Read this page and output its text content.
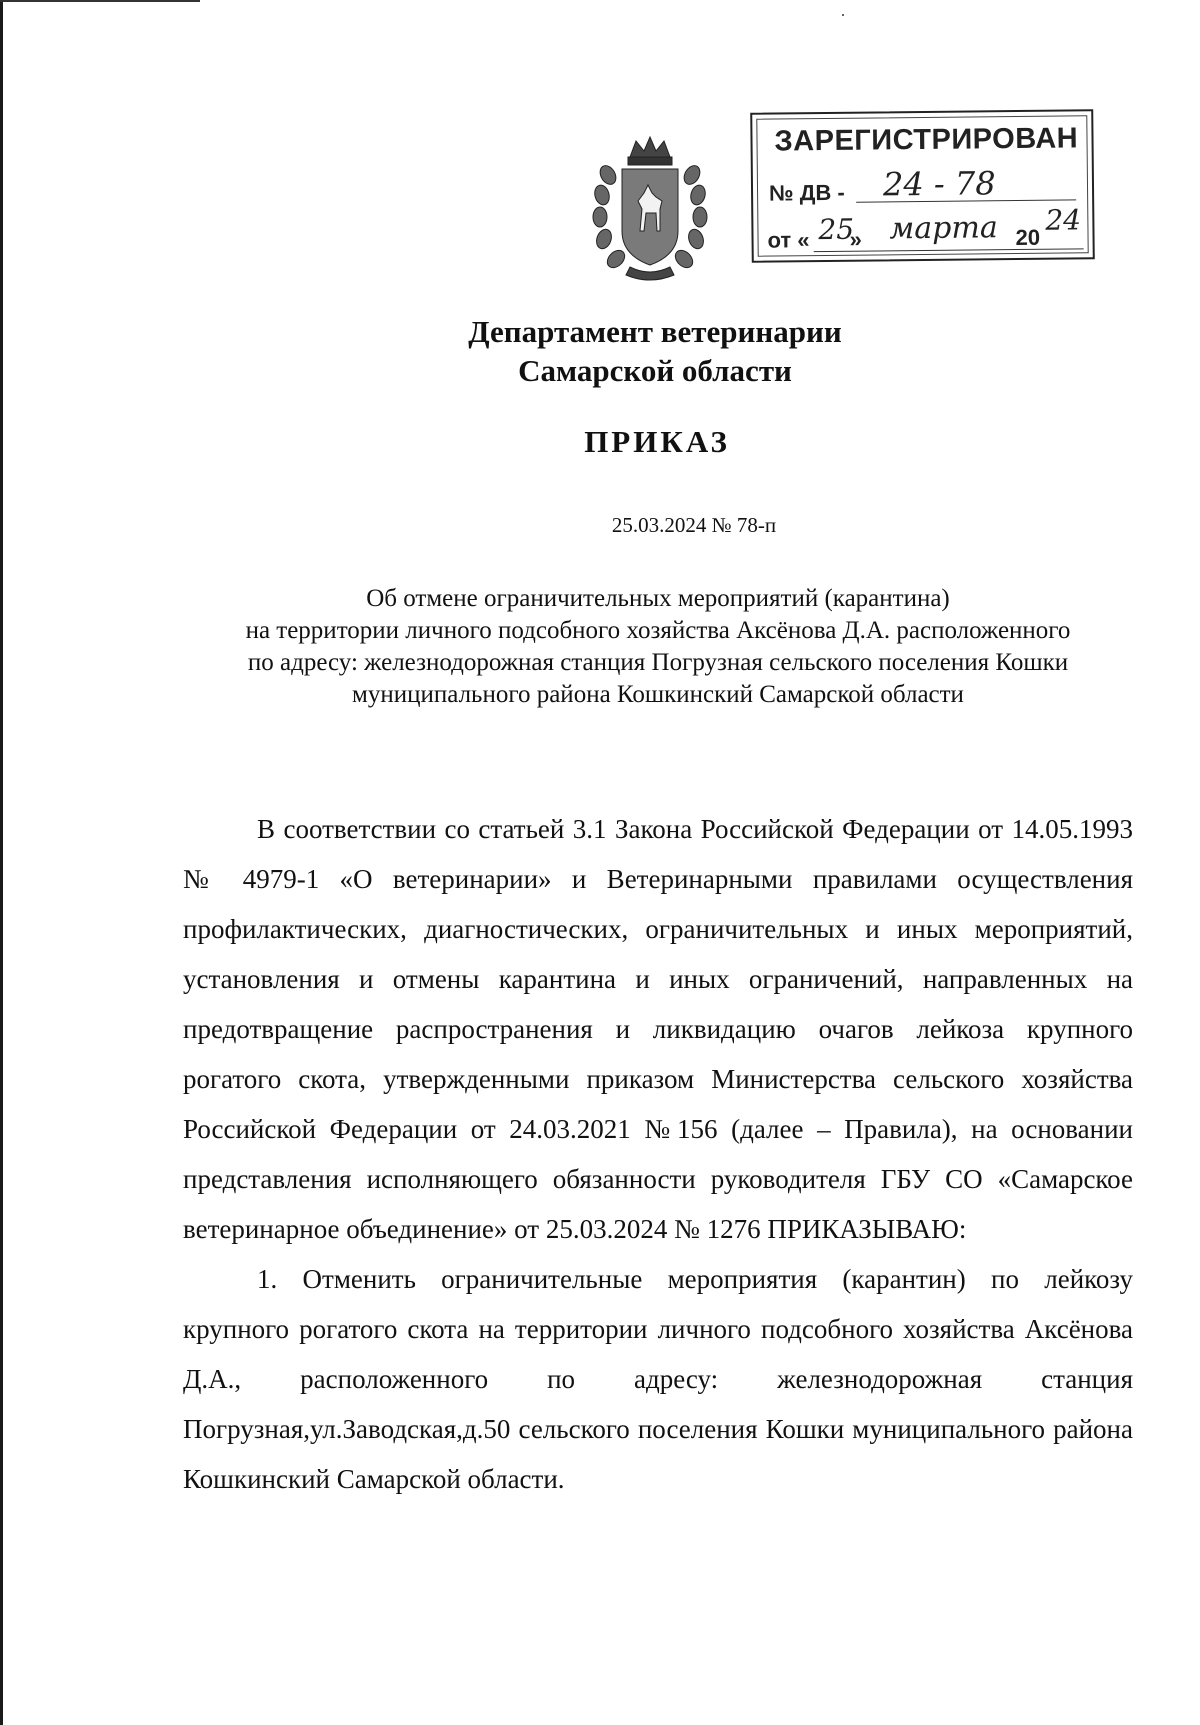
ЗАРЕГИСТРИРОВАН
№ ДВ - 24 - 78
от « »
25 марта 20
24
Департамент ветеринарии
Самарской области
ПРИКАЗ
25.03.2024 № 78-п
Об отмене ограничительных мероприятий (карантина)
на территории личного подсобного хозяйства Аксёнова Д.А. расположенного
по адресу: железнодорожная станция Погрузная сельского поселения Кошки
муниципального района Кошкинский Самарской области

В соответствии со статьей 3.1 Закона Российской Федерации от 14.05.1993 № 4979-1 «О ветеринарии» и Ветеринарными правилами осуществления профилактических, диагностических, ограничительных и иных мероприятий, установления и отмены карантина и иных ограничений, направленных на предотвращение распространения и ликвидацию очагов лейкоза крупного рогатого скота, утвержденными приказом Министерства сельского хозяйства Российской Федерации от 24.03.2021 №156 (далее – Правила), на основании представления исполняющего обязанности руководителя ГБУ СО «Самарское ветеринарное объединение» от 25.03.2024 № 1276 ПРИКАЗЫВАЮ:

1. Отменить ограничительные мероприятия (карантин) по лейкозу крупного рогатого скота на территории личного подсобного хозяйства Аксёнова Д.А., расположенного по адресу: железнодорожная станция Погрузная,ул.Заводская,д.50 сельского поселения Кошки муниципального района Кошкинский Самарской области.
